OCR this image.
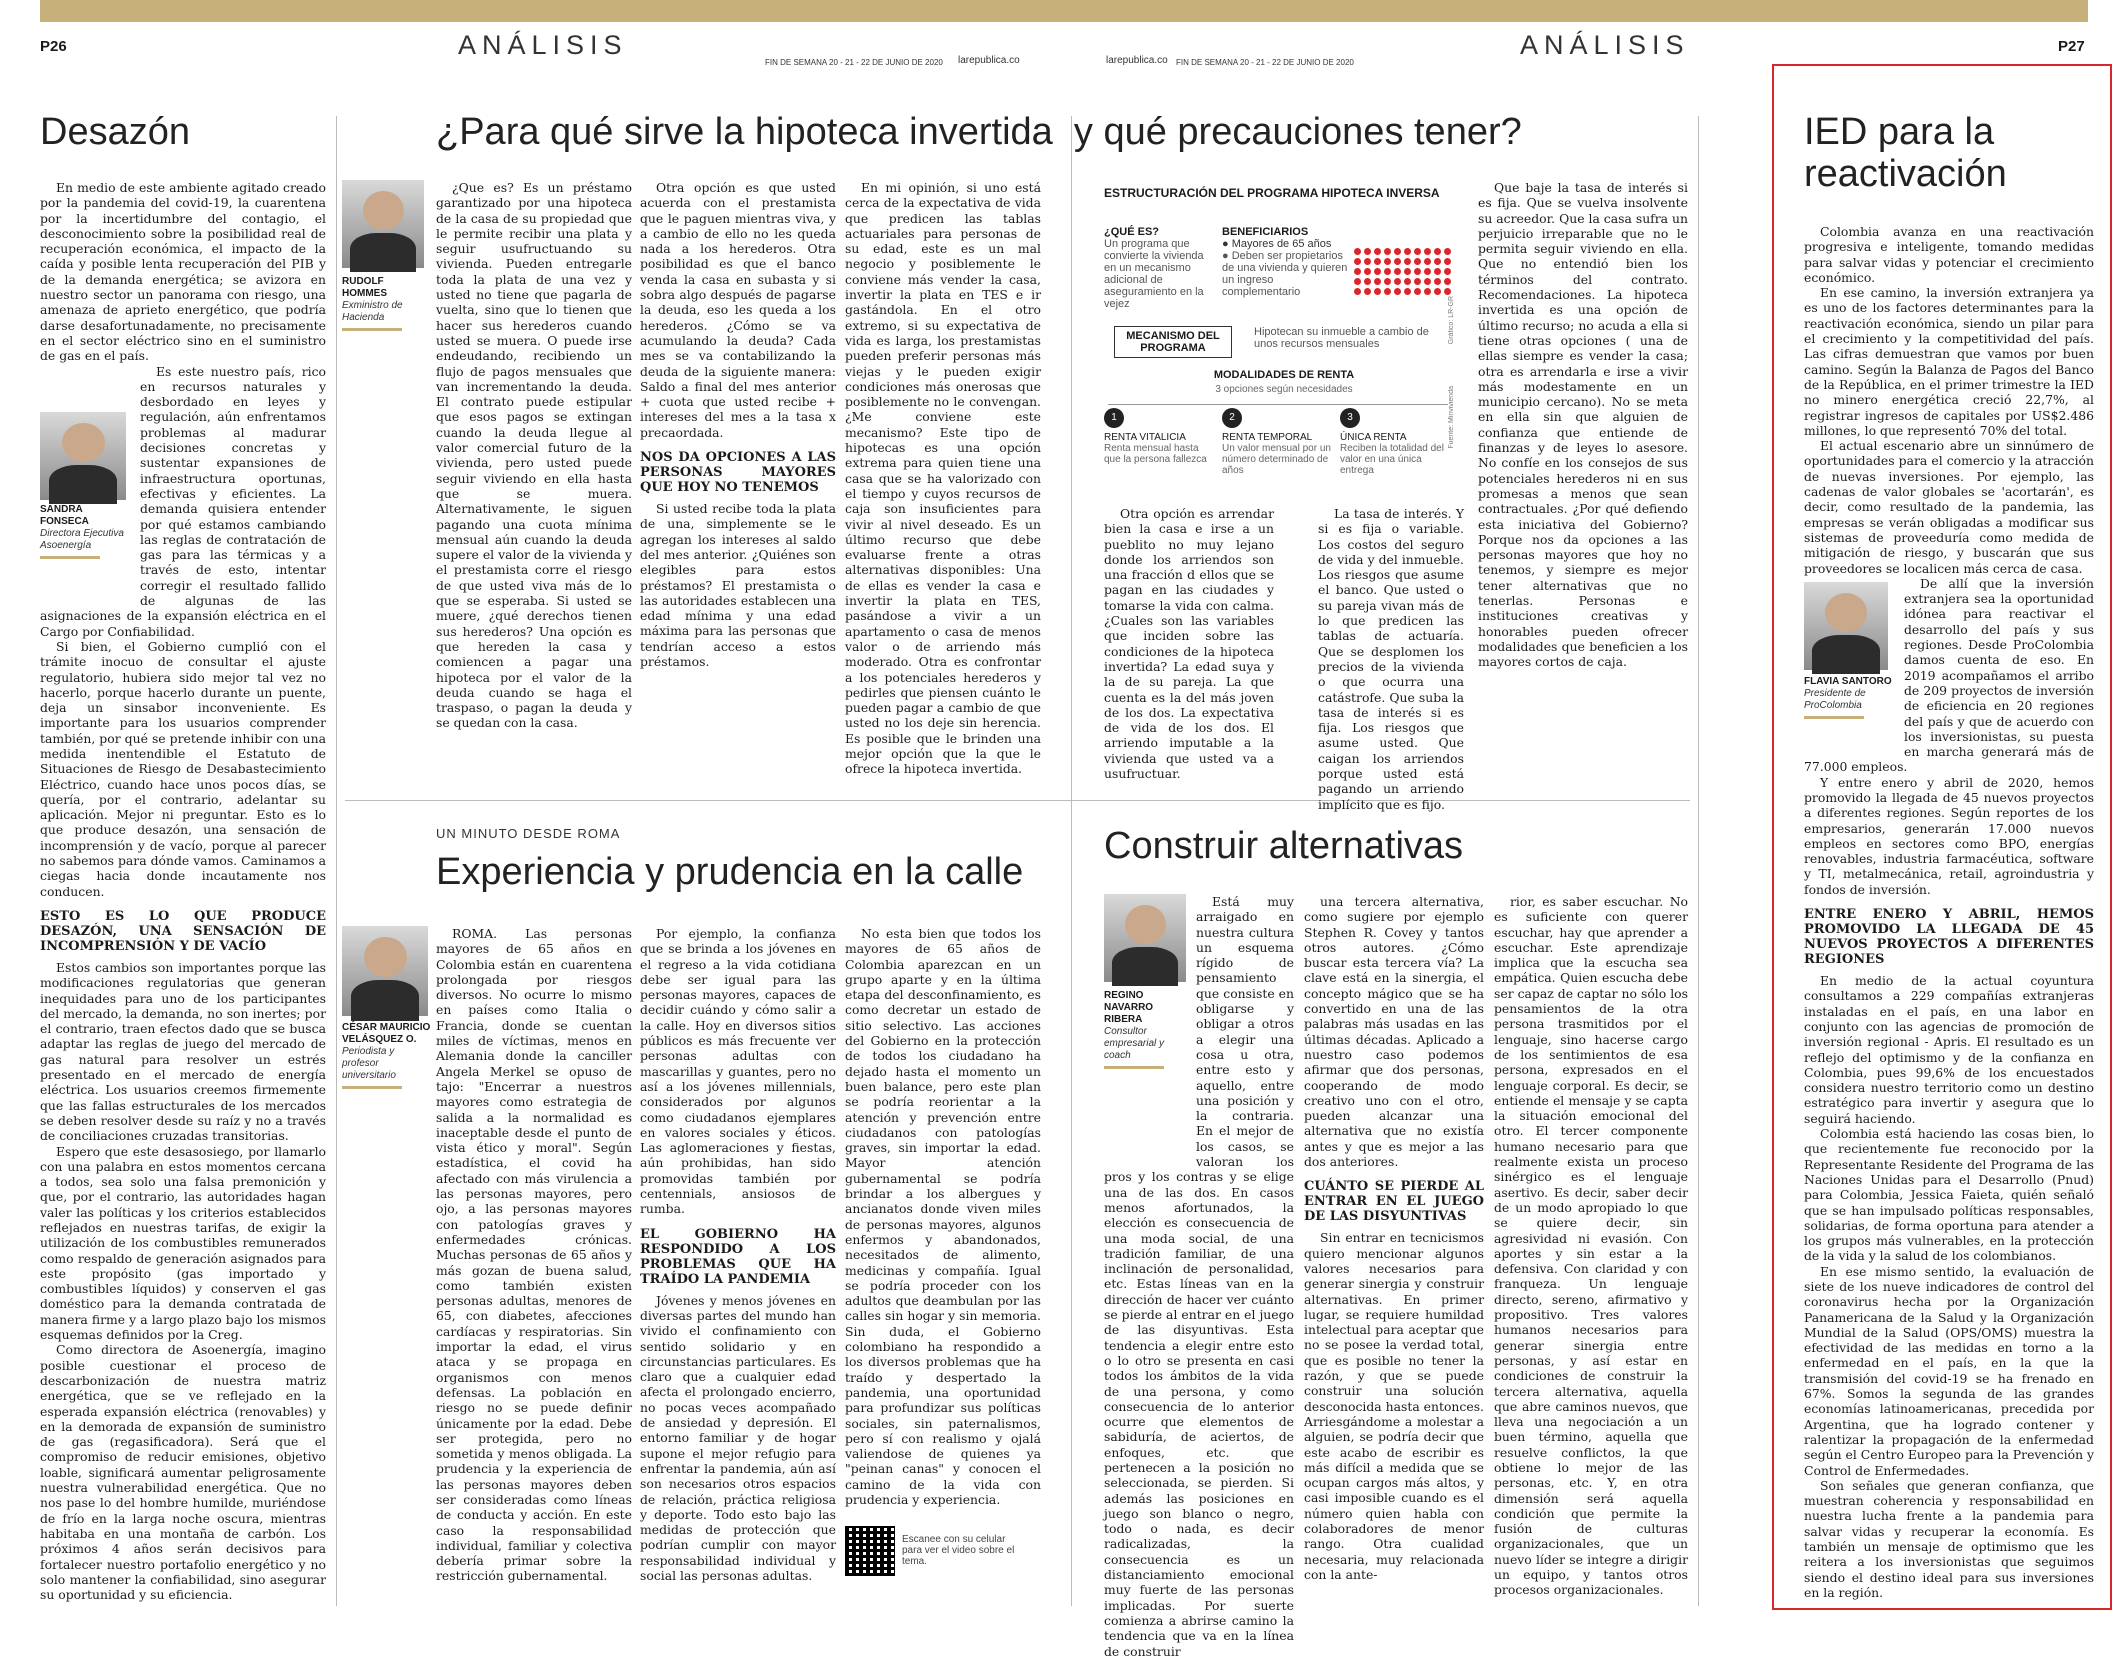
P26	ANÁLISIS
FIN DE SEMANA 20 - 21 - 22 DE JUNIO DE 2020 larepublica.co	larepublica.co FIN DE SEMANA 20 - 21 - 22 DE JUNIO DE 2020
ANÁLISIS	P27
Desazón
SANDRA FONSECA
Directora Ejecutiva Asoenergía

En medio de este ambiente agitado creado por la pandemia del covid-19, la cuarentena por la incertidumbre del contagio, el desconocimiento sobre la posibilidad real de recuperación económica, el impacto de la caída y posible lenta recuperación del PIB y de la demanda energética; se avizora en nuestro sector un panorama con riesgo, una amenaza de aprieto energético, que podría darse desafortunadamente, no precisamente en el sector eléctrico sino en el suministro de gas en el país.

Es este nuestro país, rico en recursos naturales y desbordado en leyes y regulación, aún enfrentamos problemas al madurar decisiones concretas y sustentar expansiones de infraestructura oportunas, efectivas y eficientes. La demanda quisiera entender por qué estamos cambiando las reglas de contratación de gas para las térmicas y a través de esto, intentar corregir el resultado fallido de algunas de las asignaciones de la expansión eléctrica en el Cargo por Confiabilidad.

Si bien, el Gobierno cumplió con el trámite inocuo de consultar el ajuste regulatorio, hubiera sido mejor tal vez no hacerlo, porque hacerlo durante un puente, deja un sinsabor inconveniente. Es importante para los usuarios comprender también, por qué se pretende inhibir con una medida inentendible el Estatuto de Situaciones de Riesgo de Desabastecimiento Eléctrico, cuando hace unos pocos días, se quería, por el contrario, adelantar su aplicación. Mejor ni preguntar. Esto es lo que produce desazón, una sensación de incomprensión y de vacío, porque al parecer no sabemos para dónde vamos. Caminamos a ciegas hacia donde incautamente nos conducen.

ESTO ES LO QUE PRODUCE DESAZÓN, UNA SENSACIÓN DE INCOMPRENSIÓN Y DE VACÍO

Estos cambios son importantes porque las modificaciones regulatorias que generan inequidades para uno de los participantes del mercado, la demanda, no son inertes; por el contrario, traen efectos dado que se busca adaptar las reglas de juego del mercado de gas natural para resolver un estrés presentado en el mercado de energía eléctrica. Los usuarios creemos firmemente que las fallas estructurales de los mercados se deben resolver desde su raíz y no a través de conciliaciones cruzadas transitorias.

Espero que este desasosiego, por llamarlo con una palabra en estos momentos cercana a todos, sea solo una falsa premonición y que, por el contrario, las autoridades hagan valer las políticas y los criterios establecidos reflejados en nuestras tarifas, de exigir la utilización de los combustibles remunerados como respaldo de generación asignados para este propósito (gas importado y combustibles líquidos) y conserven el gas doméstico para la demanda contratada de manera firme y a largo plazo bajo los mismos esquemas definidos por la Creg.

Como directora de Asoenergía, imagino posible cuestionar el proceso de descarbonización de nuestra matriz energética, que se ve reflejado en la esperada expansión eléctrica (renovables) y en la demorada de expansión de suministro de gas (regasificadora). Será que el compromiso de reducir emisiones, objetivo loable, significará aumentar peligrosamente nuestra vulnerabilidad energética. Que no nos pase lo del hombre humilde, muriéndose de frío en la larga noche oscura, mientras habitaba en una montaña de carbón. Los próximos 4 años serán decisivos para fortalecer nuestro portafolio energético y no solo mantener la confiabilidad, sino asegurar su oportunidad y su eficiencia.

¿Para qué sirve la hipoteca invertida  y qué precauciones tener?
RUDOLF HOMMES
Exministro de Hacienda

¿Que es? Es un préstamo garantizado por una hipoteca de la casa de su propiedad que le permite recibir una plata y seguir usufructuando su vivienda. Pueden entregarle toda la plata de una vez y usted no tiene que pagarla de vuelta, sino que lo tienen que hacer sus herederos cuando usted se muera. O puede irse endeudando, recibiendo un flujo de pagos mensuales que van incrementando la deuda. El contrato puede estipular que esos pagos se extingan cuando la deuda llegue al valor comercial futuro de la vivienda, pero usted puede seguir viviendo en ella hasta que se muera. Alternativamente, le siguen pagando una cuota mínima mensual aún cuando la deuda supere el valor de la vivienda y el prestamista corre el riesgo de que usted viva más de lo que se esperaba. Si usted se muere, ¿qué derechos tienen sus herederos? Una opción es que hereden la casa y comiencen a pagar una hipoteca por el valor de la deuda cuando se haga el traspaso, o pagan la deuda y se quedan con la casa.

Otra opción es que usted acuerda con el prestamista que le paguen mientras viva, y a cambio de ello no les queda nada a los herederos. Otra posibilidad es que el banco venda la casa en subasta y si sobra algo después de pagarse la deuda, eso les queda a los herederos. ¿Cómo se va acumulando la deuda? Cada mes se va contabilizando la deuda de la siguiente manera: Saldo a final del mes anterior + cuota que usted recibe + intereses del mes a la tasa x precaordada.

NOS DA OPCIONES A LAS PERSONAS MAYORES QUE HOY NO TENEMOS

Si usted recibe toda la plata de una, simplemente se le agregan los intereses al saldo del mes anterior. ¿Quiénes son elegibles para estos préstamos? El prestamista o las autoridades establecen una edad mínima y una edad máxima para las personas que tendrían acceso a estos préstamos.

En mi opinión, si uno está cerca de la expectativa de vida que predicen las tablas actuariales para personas de su edad, este es un mal negocio y posiblemente le conviene más vender la casa, invertir la plata en TES e ir gastándola. En el otro extremo, si su expectativa de vida es larga, los prestamistas pueden preferir personas más viejas y le pueden exigir condiciones más onerosas que posiblemente no le convengan. ¿Me conviene este mecanismo? Este tipo de hipotecas es una opción extrema para quien tiene una casa que se ha valorizado con el tiempo y cuyos recursos de caja son insuficientes para vivir al nivel deseado. Es un último recurso que debe evaluarse frente a otras alternativas disponibles: Una de ellas es vender la casa e invertir la plata en TES, pasándose a vivir a un apartamento o casa de menos valor o de arriendo más moderado. Otra es confrontar a los potenciales herederos y pedirles que piensen cuánto le pueden pagar a cambio de que usted no los deje sin herencia. Es posible que le brinden una mejor opción que la que le ofrece la hipoteca invertida.

ESTRUCTURACIÓN DEL PROGRAMA HIPOTECA INVERSA
¿QUÉ ES?
Un programa que convierte la vivienda en un mecanismo adicional de aseguramiento en la vejez
BENEFICIARIOS
● Mayores de 65 años
● Deben ser propietarios de una vivienda y quieren un ingreso complementario
MECANISMO DEL PROGRAMA
Hipotecan su inmueble a cambio de unos recursos mensuales
MODALIDADES DE RENTA
3 opciones según necesidades
1
RENTA VITALICIA
Renta mensual hasta que la persona fallezca
2
RENTA TEMPORAL
Un valor mensual por un número determinado de años
3
ÚNICA RENTA
Reciben la totalidad del valor en una única entrega
Fuente: Minvivienda
Gráfico: LR-GR

Otra opción es arrendar bien la casa e irse a un pueblito no muy lejano donde los arriendos son una fracción d ellos que se pagan en las ciudades y tomarse la vida con calma. ¿Cuales son las variables que inciden sobre las condiciones de la hipoteca invertida? La edad suya y la de su pareja. La que cuenta es la del más joven de los dos. La expectativa de vida de los dos. El arriendo imputable a la vivienda que usted va a usufructuar.

La tasa de interés. Y si es fija o variable. Los costos del seguro de vida y del inmueble. Los riesgos que asume el banco. Que usted o su pareja vivan más de lo que predicen las tablas de actuaría. Que se desplomen los precios de la vivienda o que ocurra una catástrofe. Que suba la tasa de interés si es fija. Los riesgos que asume usted. Que caigan los arriendos porque usted está pagando un arriendo implícito que es fijo.

Que baje la tasa de interés si es fija. Que se vuelva insolvente su acreedor. Que la casa sufra un perjuicio irreparable que no le permita seguir viviendo en ella. Que no entendió bien los términos del contrato. Recomendaciones. La hipoteca invertida es una opción de último recurso; no acuda a ella si tiene otras opciones ( una de ellas siempre es vender la casa; otra es arrendarla e irse a vivir más modestamente en un municipio cercano). No se meta en ella sin que alguien de confianza que entiende de finanzas y de leyes lo asesore. No confíe en los consejos de sus potenciales herederos ni en sus promesas a menos que sean contractuales. ¿Por qué defiendo esta iniciativa del Gobierno? Porque nos da opciones a las personas mayores que hoy no tenemos, y siempre es mejor tener alternativas que no tenerlas. Personas e instituciones creativas y honorables pueden ofrecer modalidades que beneficien a los mayores cortos de caja.

UN MINUTO DESDE ROMA
Experiencia y prudencia en la calle
CÉSAR MAURICIO VELÁSQUEZ O.
Periodista y profesor universitario

ROMA. Las personas mayores de 65 años en Colombia están en cuarentena prolongada por riesgos diversos. No ocurre lo mismo en países como Italia o Francia, donde se cuentan miles de víctimas, menos en Alemania donde la canciller Angela Merkel se opuso de tajo: "Encerrar a nuestros mayores como estrategia de salida a la normalidad es inaceptable desde el punto de vista ético y moral". Según estadística, el covid ha afectado con más virulencia a las personas mayores, pero ojo, a las personas mayores con patologías graves y enfermedades crónicas. Muchas personas de 65 años y más gozan de buena salud, como también existen personas adultas, menores de 65, con diabetes, afecciones cardíacas y respiratorias. Sin importar la edad, el virus ataca y se propaga en organismos con menos defensas. La población en riesgo no se puede definir únicamente por la edad. Debe ser protegida, pero no sometida y menos obligada. La prudencia y la experiencia de las personas mayores deben ser consideradas como líneas de conducta y acción. En este caso la responsabilidad individual, familiar y colectiva debería primar sobre la restricción gubernamental.

Por ejemplo, la confianza que se brinda a los jóvenes en el regreso a la vida cotidiana debe ser igual para las personas mayores, capaces de decidir cuándo y cómo salir a la calle. Hoy en diversos sitios públicos es más frecuente ver personas adultas con mascarillas y guantes, pero no así a los jóvenes millennials, considerados por algunos como ciudadanos ejemplares en valores sociales y éticos. Las aglomeraciones y fiestas, aún prohibidas, han sido promovidas también por centennials, ansiosos de rumba.

EL GOBIERNO HA RESPONDIDO A LOS PROBLEMAS QUE HA TRAÍDO LA PANDEMIA

Jóvenes y menos jóvenes en diversas partes del mundo han vivido el confinamiento con sentido solidario y en circunstancias particulares. Es claro que a cualquier edad afecta el prolongado encierro, no pocas veces acompañado de ansiedad y depresión. El entorno familiar y de hogar supone el mejor refugio para enfrentar la pandemia, aún así son necesarios otros espacios de relación, práctica religiosa y deporte. Todo esto bajo las medidas de protección que podrían cumplir con mayor responsabilidad individual y social las personas adultas.

No esta bien que todos los mayores de 65 años de Colombia aparezcan en un grupo aparte y en la última etapa del desconfinamiento, es como decretar un estado de sitio selectivo. Las acciones del Gobierno en la protección de todos los ciudadano ha dejado hasta el momento un buen balance, pero este plan se podría reorientar a la atención y prevención entre ciudadanos con patologías graves, sin importar la edad. Mayor atención gubernamental se podría brindar a los albergues y ancianatos donde viven miles de personas mayores, algunos enfermos y abandonados, necesitados de alimento, medicinas y compañía. Igual se podría proceder con los adultos que deambulan por las calles sin hogar y sin memoria. Sin duda, el Gobierno colombiano ha respondido a los diversos problemas que ha traído y despertado la pandemia, una oportunidad para profundizar sus políticas sociales, sin paternalismos, pero sí con realismo y ojalá valiendose de quienes ya "peinan canas" y conocen el camino de la vida con prudencia y experiencia.

Escanee con su celular para ver el video sobre el tema.
Construir alternativas
REGINO NAVARRO RIBERA
Consultor empresarial y coach

Está muy arraigado en nuestra cultura un esquema rígido de pensamiento que consiste en obligarse y obligar a otros a elegir una cosa u otra, entre esto y aquello, entre una posición y la contraria. En el mejor de los casos, se valoran los pros y los contras y se elige una de las dos. En casos menos afortunados, la elección es consecuencia de una moda social, de una tradición familiar, de una inclinación de personalidad, etc. Estas líneas van en la dirección de hacer ver cuánto se pierde al entrar en el juego de las disyuntivas. Esta tendencia a elegir entre esto o lo otro se presenta en casi todos los ámbitos de la vida de una persona, y como consecuencia de lo anterior ocurre que elementos de sabiduría, de aciertos, de enfoques, etc. que pertenecen a la posición no seleccionada, se pierden. Si además las posiciones en juego son blanco o negro, todo o nada, es decir radicalizadas, la consecuencia es un distanciamiento emocional muy fuerte de las personas implicadas. Por suerte comienza a abrirse camino la tendencia que va en la línea de construir

una tercera alternativa, como sugiere por ejemplo Stephen R. Covey y tantos otros autores. ¿Cómo buscar esta tercera vía? La clave está en la sinergia, el concepto mágico que se ha convertido en una de las palabras más usadas en las últimas décadas. Aplicado a nuestro caso podemos afirmar que dos personas, cooperando de modo creativo uno con el otro, pueden alcanzar una alternativa que no existía antes y que es mejor a las dos anteriores.

CUÁNTO SE PIERDE AL ENTRAR EN EL JUEGO DE LAS DISYUNTIVAS

Sin entrar en tecnicismos quiero mencionar algunos valores necesarios para generar sinergia y construir alternativas. En primer lugar, se requiere humildad intelectual para aceptar que no se posee la verdad total, que es posible no tener la razón, y que se puede construir una solución desconocida hasta entonces. Arriesgándome a molestar a alguien, se podría decir que este acabo de escribir es más difícil a medida que se ocupan cargos más altos, y casi imposible cuando es el número quien habla con colaboradores de menor rango. Otra cualidad necesaria, muy relacionada con la ante-

rior, es saber escuchar. No es suficiente con querer escuchar, hay que aprender a escuchar. Este aprendizaje implica que la escucha sea empática. Quien escucha debe ser capaz de captar no sólo los pensamientos de la otra persona trasmitidos por el lenguaje, sino hacerse cargo de los sentimientos de esa persona, expresados en el lenguaje corporal. Es decir, se entiende el mensaje y se capta la situación emocional del otro. El tercer componente humano necesario para que realmente exista un proceso sinérgico es el lenguaje asertivo. Es decir, saber decir de un modo apropiado lo que se quiere decir, sin agresividad ni evasión. Con aportes y sin estar a la defensiva. Con claridad y con franqueza. Un lenguaje directo, sereno, afirmativo y propositivo. Tres valores humanos necesarios para generar sinergia entre personas, y así estar en condiciones de construir la tercera alternativa, aquella que abre caminos nuevos, que lleva una negociación a un buen término, aquella que resuelve conflictos, la que obtiene lo mejor de las personas, etc. Y, en otra dimensión será aquella condición que permite la fusión de culturas organizacionales, que un nuevo líder se integre a dirigir un equipo, y tantos otros procesos organizacionales.

IED para la reactivación
FLAVIA SANTORO
Presidente de ProColombia

Colombia avanza en una reactivación progresiva e inteligente, tomando medidas para salvar vidas y potenciar el crecimiento económico.

En ese camino, la inversión extranjera ya es uno de los factores determinantes para la reactivación económica, siendo un pilar para el crecimiento y la competitividad del país. Las cifras demuestran que vamos por buen camino. Según la Balanza de Pagos del Banco de la República, en el primer trimestre la IED no minero energética creció 22,7%, al registrar ingresos de capitales por US$2.486 millones, lo que representó 70% del total.

El actual escenario abre un sinnúmero de oportunidades para el comercio y la atracción de nuevas inversiones. Por ejemplo, las cadenas de valor globales se 'acortarán', es decir, como resultado de la pandemia, las empresas se verán obligadas a modificar sus sistemas de proveeduría como medida de mitigación de riesgo, y buscarán que sus proveedores se localicen más cerca de casa.

De allí que la inversión extranjera sea la oportunidad idónea para reactivar el desarrollo del país y sus regiones. Desde ProColombia damos cuenta de eso. En 2019 acompañamos el arribo de 209 proyectos de inversión de eficiencia en 20 regiones del país y que de acuerdo con los inversionistas, su puesta en marcha generará más de 77.000 empleos.

Y entre enero y abril de 2020, hemos promovido la llegada de 45 nuevos proyectos a diferentes regiones. Según reportes de los empresarios, generarán 17.000 nuevos empleos en sectores como BPO, energías renovables, industria farmacéutica, software y TI, metalmecánica, retail, agroindustria y fondos de inversión.

ENTRE ENERO Y ABRIL, HEMOS PROMOVIDO LA LLEGADA DE 45 NUEVOS PROYECTOS A DIFERENTES REGIONES

En medio de la actual coyuntura consultamos a 229 compañías extranjeras instaladas en el país, en una labor en conjunto con las agencias de promoción de inversión regional - Apris. El resultado es un reflejo del optimismo y de la confianza en Colombia, pues 99,6% de los encuestados considera nuestro territorio como un destino estratégico para invertir y asegura que lo seguirá haciendo.

Colombia está haciendo las cosas bien, lo que recientemente fue reconocido por la Representante Residente del Programa de las Naciones Unidas para el Desarrollo (Pnud) para Colombia, Jessica Faieta, quién señaló que se han impulsado políticas responsables, solidarias, de forma oportuna para atender a los grupos más vulnerables, en la protección de la vida y la salud de los colombianos.

En ese mismo sentido, la evaluación de siete de los nueve indicadores de control del coronavirus hecha por la Organización Panamericana de la Salud y la Organización Mundial de la Salud (OPS/OMS) muestra la efectividad de las medidas en torno a la enfermedad en el país, en la que la transmisión del covid-19 se ha frenado en 67%. Somos la segunda de las grandes economías latinoamericanas, precedida por Argentina, que ha logrado contener y ralentizar la propagación de la enfermedad según el Centro Europeo para la Prevención y Control de Enfermedades.

Son señales que generan confianza, que muestran coherencia y responsabilidad en nuestra lucha frente a la pandemia para salvar vidas y recuperar la economía. Es también un mensaje de optimismo que les reitera a los inversionistas que seguimos siendo el destino ideal para sus inversiones en la región.
